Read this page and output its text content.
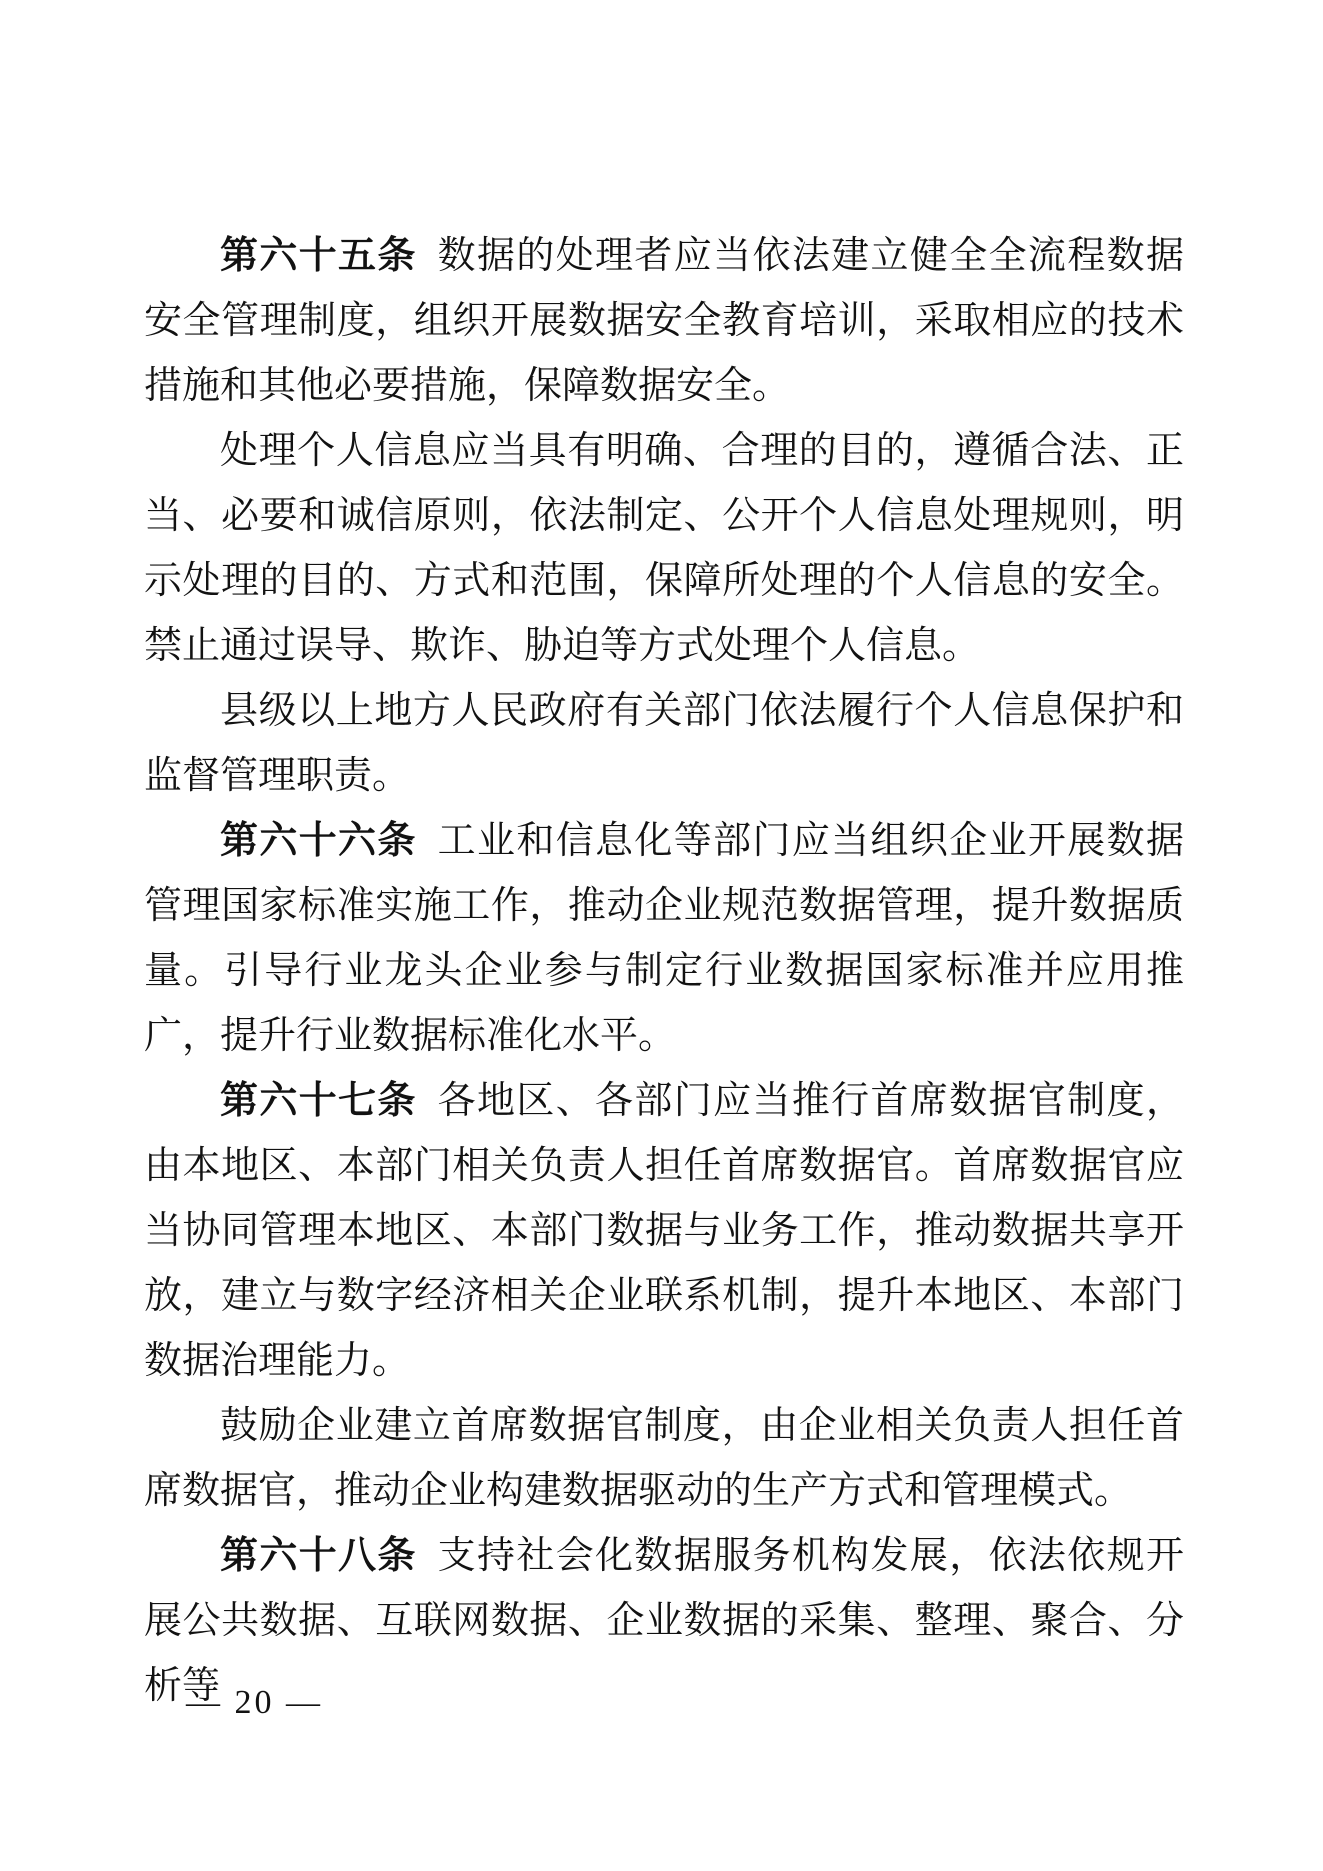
第六十五条 数据的处理者应当依法建立健全全流程数据安全管理制度，组织开展数据安全教育培训，采取相应的技术措施和其他必要措施，保障数据安全。

处理个人信息应当具有明确、合理的目的，遵循合法、正当、必要和诚信原则，依法制定、公开个人信息处理规则，明示处理的目的、方式和范围，保障所处理的个人信息的安全。禁止通过误导、欺诈、胁迫等方式处理个人信息。

县级以上地方人民政府有关部门依法履行个人信息保护和监督管理职责。

第六十六条 工业和信息化等部门应当组织企业开展数据管理国家标准实施工作，推动企业规范数据管理，提升数据质量。引导行业龙头企业参与制定行业数据国家标准并应用推广，提升行业数据标准化水平。

第六十七条 各地区、各部门应当推行首席数据官制度，由本地区、本部门相关负责人担任首席数据官。首席数据官应当协同管理本地区、本部门数据与业务工作，推动数据共享开放，建立与数字经济相关企业联系机制，提升本地区、本部门数据治理能力。

鼓励企业建立首席数据官制度，由企业相关负责人担任首席数据官，推动企业构建数据驱动的生产方式和管理模式。

第六十八条 支持社会化数据服务机构发展，依法依规开展公共数据、互联网数据、企业数据的采集、整理、聚合、分析等

— 20 —
